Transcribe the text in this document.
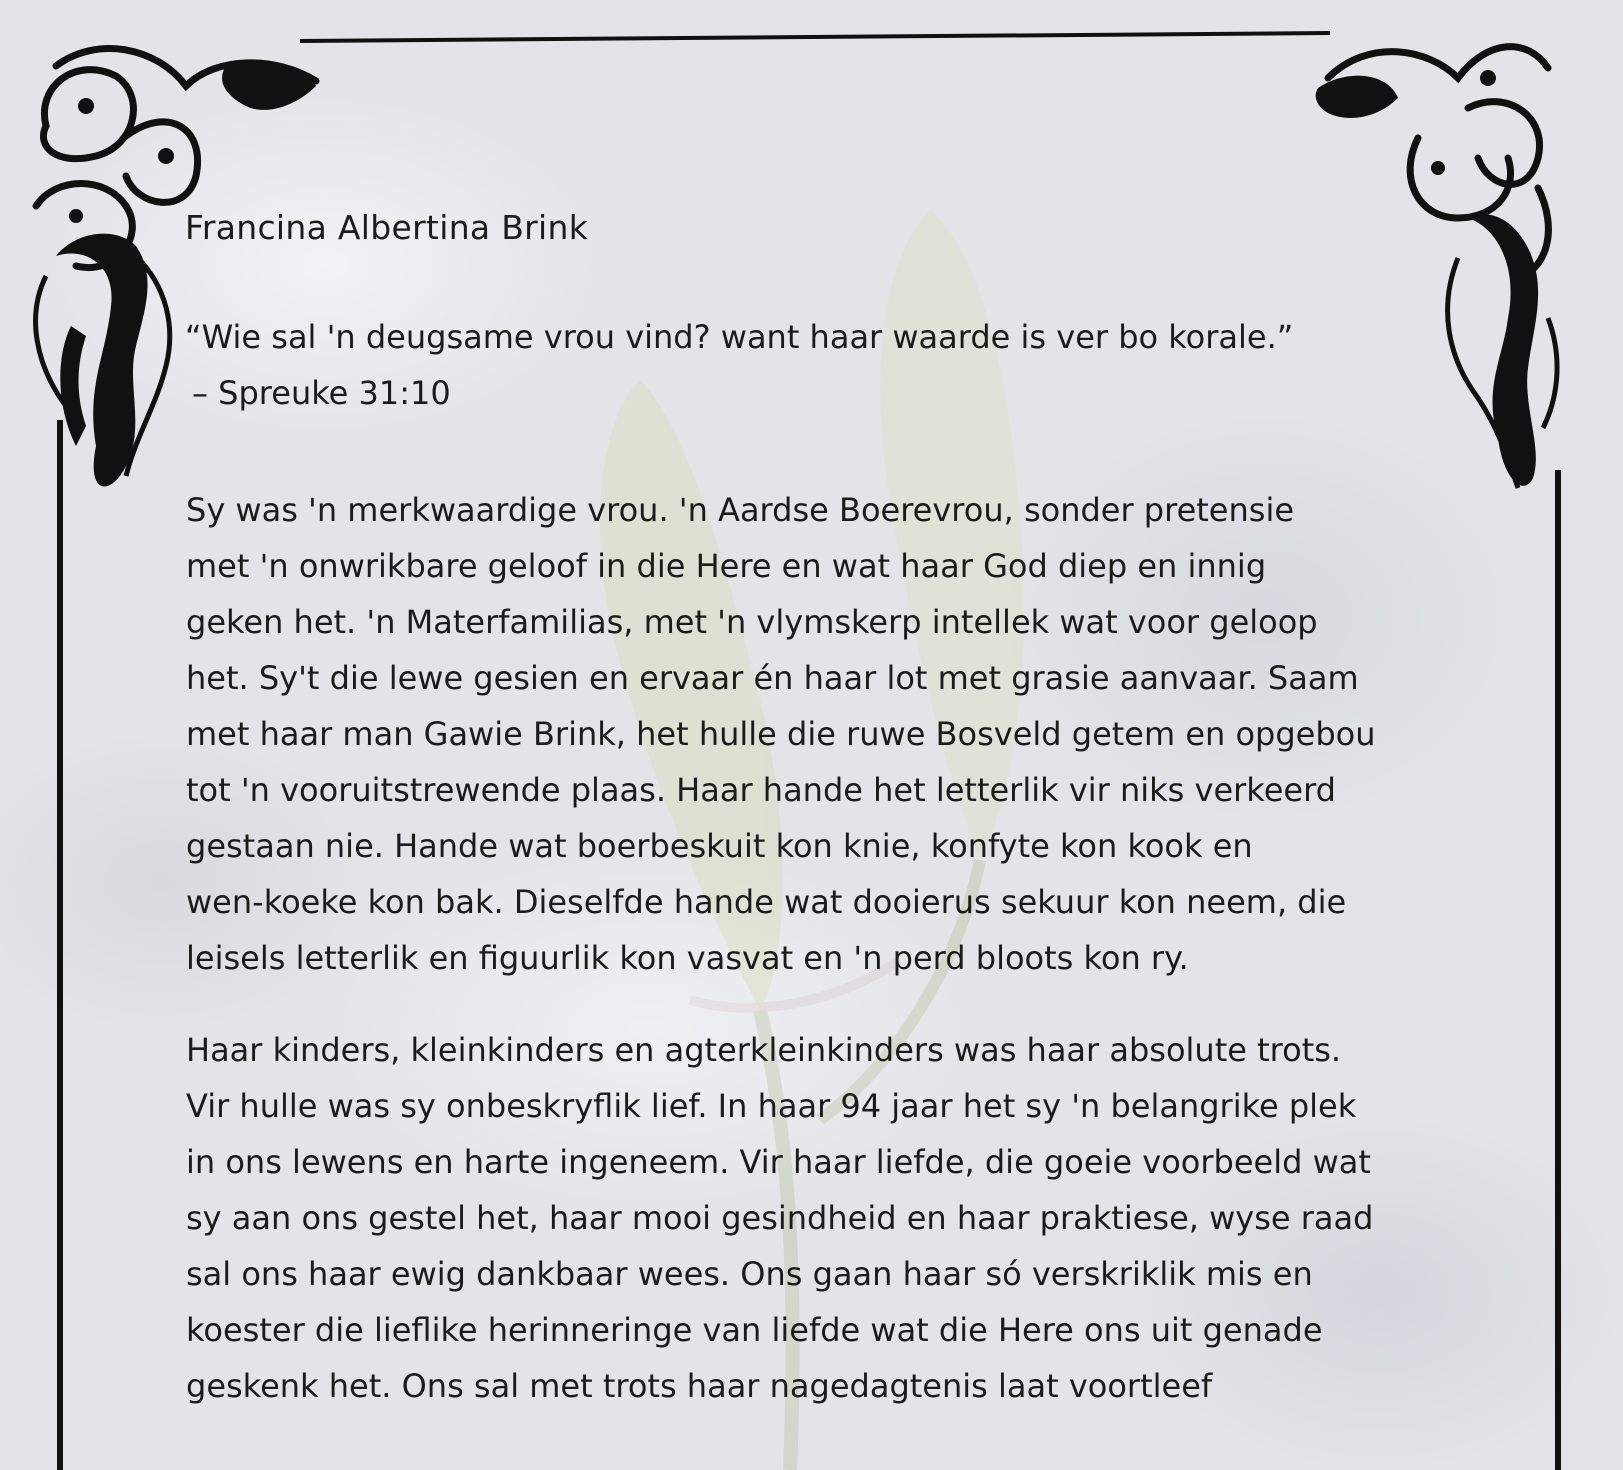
Francina Albertina Brink
“Wie sal 'n deugsame vrou vind? want haar waarde is ver bo korale.”
– Spreuke 31:10
Sy was 'n merkwaardige vrou. 'n Aardse Boerevrou, sonder pretensie
met 'n onwrikbare geloof in die Here en wat haar God diep en innig
geken het. 'n Materfamilias, met 'n vlymskerp intellek wat voor geloop
het. Sy't die lewe gesien en ervaar én haar lot met grasie aanvaar. Saam
met haar man Gawie Brink, het hulle die ruwe Bosveld getem en opgebou
tot 'n vooruitstrewende plaas. Haar hande het letterlik vir niks verkeerd
gestaan nie. Hande wat boerbeskuit kon knie, konfyte kon kook en
wen-koeke kon bak. Dieselfde hande wat dooierus sekuur kon neem, die
leisels letterlik en figuurlik kon vasvat en 'n perd bloots kon ry.
Haar kinders, kleinkinders en agterkleinkinders was haar absolute trots.
Vir hulle was sy onbeskryflik lief. In haar 94 jaar het sy 'n belangrike plek
in ons lewens en harte ingeneem. Vir haar liefde, die goeie voorbeeld wat
sy aan ons gestel het, haar mooi gesindheid en haar praktiese, wyse raad
sal ons haar ewig dankbaar wees. Ons gaan haar só verskriklik mis en
koester die lieflike herinneringe van liefde wat die Here ons uit genade
geskenk het. Ons sal met trots haar nagedagtenis laat voortleef
